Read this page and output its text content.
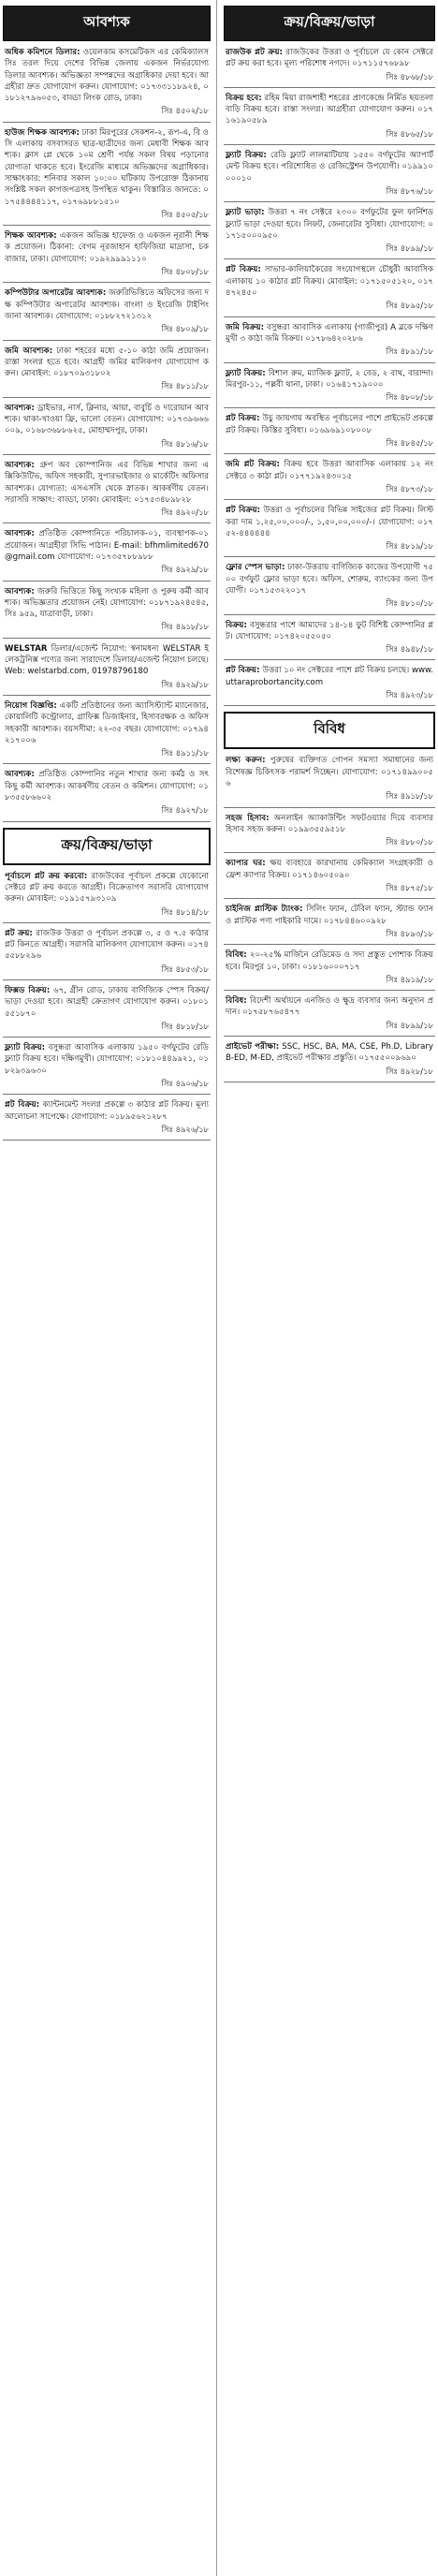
আবশ্যক
অধিক কমিশনে ডিলার: ওয়েলকাম কসমেটিকস এর কেমিক্যালস সিঃ তরল দিয়ে দেশের বিভিন্ন জেলায় একজন নির্ভরযোগ্য ডিলার আবশ্যক। অভিজ্ঞতা সম্পন্নদের অগ্রাধিকার দেয়া হবে। আগ্রহীরা দ্রুত যোগাযোগ করুন। যোগাযোগ: ০১৭৩৩১১৮৯২৪, ০১৮১২৭৯৬০৫৩, বাড্ডা লিংক রোড, ঢাকা।
সিঃ ৪৫০২/১৮
হাউজ শিক্ষক আবশ্যক: ঢাকা মিরপুরের সেকশন-২, রূপ-এ, বি ও সি এলাকায় বসবাসরত ছাত্র-ছাত্রীদের জন্য মেধাবী শিক্ষক আবশ্যক। ক্লাস প্লে থেকে ১০ম শ্রেণী পর্যন্ত সকল বিষয় পড়ানোর যোগ্যতা থাকতে হবে। ইংরেজি মাধ্যমে অভিজ্ঞদের অগ্রাধিকার। সাক্ষাৎকার: শনিবার সকাল ১০:০০ ঘটিকায় উপরোক্ত ঠিকানায় সংশ্লিষ্ট সকল কাগজপত্রসহ উপস্থিত থাকুন। বিস্তারিত জানতে: ০১৭৫৪৪৪৪১১৭, ০১৭৬৯৮৮১৫১০
সিঃ ৪৫০৫/১৮
শিক্ষক আবশ্যক: একজন অভিজ্ঞ হাফেজ ও একজন নূরানী শিক্ষক প্রয়োজন। ঠিকানা: বেগম নূরজাহান হাফিজিয়া মাদ্রাসা, চকবাজার, ঢাকা। যোগাযোগ: ০১৯২৯৯৯১১১০
সিঃ ৪৮০৮/১৮
কম্পিউটার অপারেটর আবশ্যক: জরুরিভিত্তিতে অফিসের জন্য দক্ষ কম্পিউটার অপারেটর আবশ্যক। বাংলা ও ইংরেজি টাইপিং জানা আবশ্যক। যোগাযোগ: ০১৮৮২৭২১৩১২
সিঃ ৪৮০৯/১৮
জমি আবশ্যক: ঢাকা শহরের মধ্যে ৫-১০ কাঠা জমি প্রয়োজন। রাস্তা সংলগ্ন হতে হবে। আগ্রহী জমির মালিকগণ যোগাযোগ করুন। মোবাইল: ০১৮৭০৯৩১৮০২
সিঃ ৪৮১১/১৮
আবশ্যক: ড্রাইভার, নার্স, ক্লিনার, আয়া, বাবুর্চি ও দারোয়ান আবশ্যক। থাকা-খাওয়া ফ্রি, ভালো বেতন। যোগাযোগ: ০১৭৩৯৬৬৬০০৯, ০১৬৮৩৬৮৮৬২৫, মোহাম্মদপুর, ঢাকা।
সিঃ ৪৮১৬/১৮
আবশ্যক: গ্রুপ অব কোম্পানিজ এর বিভিন্ন শাখার জন্য এক্সিকিউটিভ, অফিস সহকারী, সুপারভাইজার ও মার্কেটিং অফিসার আবশ্যক। যোগ্যতা: এসএসসি থেকে স্নাতক। আকর্ষণীয় বেতন। সরাসরি সাক্ষাৎ: বাড্ডা, ঢাকা। মোবাইল: ০১৭৫৩৪৮৯৮২৮
সিঃ ৪৯২০/১৮
আবশ্যক: প্রতিষ্ঠিত কোম্পানিতে পরিচালক-০১, ব্যবস্থাপক-০১ প্রয়োজন। আগ্রহীরা সিভি পাঠান। E-mail: bfhmlimited670@gmail.com যোগাযোগ: ০১৭৩৫৭৮৮৯৮৮
সিঃ ৪৯২৯/১৮
আবশ্যক: জরুরি ভিত্তিতে কিছু সংখ্যক মহিলা ও পুরুষ কর্মী আবশ্যক। অভিজ্ঞতার প্রয়োজন নেই। যোগাযোগ: ০১৮৭১৯২৪৫৪৫, সিঃ ৯৫৯, যাত্রাবাড়ী, ঢাকা।
সিঃ ৪৯১৮/১৮
WELSTAR ডিলার/এজেন্ট নিয়োগ: স্বনামধন্য WELSTAR ইলেকট্রনিক্স পণ্যের জন্য সারাদেশে ডিলার/এজেন্ট নিয়োগ চলছে। Web: welstarbd.com, 01978796180
সিঃ ৪৯২৯/১৮
নিয়োগ বিজ্ঞপ্তি: একটি প্রতিষ্ঠানের জন্য অ্যাসিস্ট্যান্ট ম্যানেজার, কোয়ালিটি কন্ট্রোলার, গ্রাফিক্স ডিজাইনার, হিসাবরক্ষক ও অফিস সহকারী আবশ্যক। বয়সসীমা: ২২-৩৫ বছর। যোগাযোগ: ০১৭৯৪২১৭০০৬
সিঃ ৪৯১১/১৮
আবশ্যক: প্রতিষ্ঠিত কোম্পানির নতুন শাখার জন্য কর্মঠ ও সৎ কিছু কর্মী আবশ্যক। আকর্ষণীয় বেতন ও কমিশন। যোগাযোগ: ০১৮৩৫৫৮৬৬০২
সিঃ ৪৯২৭/১৮
ক্রয়/বিক্রয়/ভাড়া
পূর্বাচলে প্লট ক্রয় করবো: রাজউকের পূর্বাচল প্রকল্পে যেকোনো সেক্টরে প্লট ক্রয় করতে আগ্রহী। বিক্রেতাগণ সরাসরি যোগাযোগ করুন। মোবাইল: ০১৯১৫৭৯৩১০৯
সিঃ ৪৮১৪/১৮
প্লট ক্রয়: রাজউক উত্তরা ও পূর্বাচল প্রকল্পে ৩, ৫ ও ৭.৫ কাঠার প্লট কিনতে আগ্রহী। সরাসরি মালিকগণ যোগাযোগ করুন। ০১৭৪৫৫৮৮২৯৬
সিঃ ৪৮৫৩/১৮
ফিক্সড বিক্রয়: ৬৭, গ্রীন রোড, ঢাকায় বাণিজ্যিক স্পেস বিক্রয়/ভাড়া দেওয়া হবে। আগ্রহী ক্রেতাগণ যোগাযোগ করুন। ০১৮০১৫৫১৮৭০
সিঃ ৪৮১৮/১৮
ফ্ল্যাট বিক্রয়: বসুন্ধরা আবাসিক এলাকায় ১৯৫০ বর্গফুটের রেডি ফ্ল্যাট বিক্রয় হবে। দক্ষিণমুখী। যোগাযোগ: ০১৮১০৪৪৯৯২১, ০১৮২৯৩৯৬৩০
সিঃ ৪৯০৬/১৮
প্লট বিক্রয়: ক্যান্টনমেন্ট সংলগ্ন প্রকল্পে ৩ কাঠার প্লট বিক্রয়। মূল্য আলোচনা সাপেক্ষে। যোগাযোগ: ০১৮৯৫৬২১২৮৭
সিঃ ৪৯২৬/১৮
ক্রয়/বিক্রয়/ভাড়া
রাজউক প্লট ক্রয়: রাজউকের উত্তরা ও পূর্বাচলে যে কোন সেক্টরে প্লট ক্রয় করা হবে। মূল্য পরিশোধ নগদে। ০১৭১১৫৭৬৮৯৮
সিঃ ৪৮৬৮/১৮
বিক্রয় হবে: রহিম মিয়া রাজশাহী শহরের প্রাণকেন্দ্রে নির্মিত ছয়তলা বাড়ি বিক্রয় হবে। রাস্তা সংলগ্ন। আগ্রহীরা যোগাযোগ করুন। ০১৭১৬১৯০৫৮৯
সিঃ ৪৮৬৫/১৮
ফ্ল্যাট বিক্রয়: রেডি ফ্ল্যাট লালমাটিয়ায় ১৫৫০ বর্গফুটের অ্যাপার্টমেন্ট বিক্রয় হবে। পরিশোধিত ও রেজিস্ট্রেশন উপযোগী। ০১৯৯১০০০০১০
সিঃ ৪৮৭৬/১৮
ফ্ল্যাট ভাড়া: উত্তরা ৭ নং সেক্টরে ২৩০০ বর্গফুটের ফুল ফার্নিশড ফ্ল্যাট ভাড়া দেওয়া হবে। লিফট, জেনারেটর সুবিধা। যোগাযোগ: ০১৭১৫০০০৯৫০
সিঃ ৪৮৯৯/১৮
প্লট বিক্রয়: সাভার-কালিয়াকৈরের সংযোগস্থলে চৌধুরী আবাসিক এলাকায় ১০ কাঠার প্লট বিক্রয়। মোবাইল: ০১৭১৫০৫১২০, ০১৭৪৭২৪৫০
সিঃ ৪৮৯৫/১৮
জমি বিক্রয়: বসুন্ধরা আবাসিক এলাকায় (গাজীপুর) A ব্লকে দক্ষিণমুখী ৩ কাঠা জমি বিক্রয়। ০১৭৮৬৪২০২৮৬
সিঃ ৪৮৯১/১৮
ফ্ল্যাট বিক্রয়: বিশাল রুম, ম্যাজিক ফ্ল্যাট, ২ বেড, ২ বাথ, বারান্দা। মিরপুর-১১, পল্লবী থানা, ঢাকা। ০১৬৪১৭১৯০০০
সিঃ ৪৮০৮/১৮
প্লট বিক্রয়: উচু জায়গায় অবস্থিত পূর্বাচলের পাশে প্রাইভেট প্রকল্পে প্লট বিক্রয়। কিস্তির সুবিধা। ০১৬৯৬৯১০৮০০৮
সিঃ ৪৮৪৫/১৮
জমি প্লট বিক্রয়: বিক্রয় হবে উত্তরা আবাসিক এলাকায় ১২ নং সেক্টরে ৩ কাঠা প্লট। ০১৭৭১৯২৪৩০১৫
সিঃ ৪৮৭৩/১৮
প্লট বিক্রয়: উত্তরা ও পূর্বাচলের বিভিন্ন সাইজের প্লট বিক্রয়। লিস্ট করা দাম ১,২৫,০০,০০০/-, ১,৫০,০০,০০০/-। যোগাযোগ: ০১৭৫২-৪৪৪৪৪৪
সিঃ ৪৮১৯/১৮
ফ্লোর স্পেস ভাড়া: ঢাকা-উত্তরায় বাণিজ্যিক কাজের উপযোগী ৭৫০০ বর্গফুট ফ্লোর ভাড়া হবে। অফিস, শোরুম, ব্যাংকের জন্য উপযোগী। ০১৭১৫৩২২০১৭
সিঃ ৪৮১০/১৮
বিক্রয়: বসুন্ধরার পাশে আমাদের ১৪-১৪ ফুট বিশিষ্ট কোম্পানির প্লট। যোগাযোগ: ০১৭৪২০৫৫০৫০
সিঃ ৪৯৪৮/১৮
প্লট বিক্রয়: উত্তরা ১০ নং সেক্টরের পাশে প্লট বিক্রয় চলছে। www.uttaraprobortancity.com
সিঃ ৪৯২৩/১৮
বিবিধ
লক্ষ্য করুন: পুরুষের ব্যক্তিগত গোপন সমস্যা সমাধানের জন্য বিশেষজ্ঞ চিকিৎসক পরামর্শ দিচ্ছেন। যোগাযোগ: ০১৭১৪৯৯০০৫৬
সিঃ ৪৯১৮/১৮
সহজ হিসাব: অনলাইন অ্যাকাউন্টিং সফটওয়্যার দিয়ে ব্যবসার হিসাব সহজ করুন। ০১৯৯৩৫৫৯৫১৮
সিঃ ৪৮৮০/১৮
ক্যাপার ঘর: ক্ষয় ব্যবহারে কারখানায় কেমিক্যাল সংগ্রহকারী ও ফ্রেশ ক্যাপার বিক্রয়। ০১৭১৪৬০৫০৯০
সিঃ ৪৮৭৫/১৮
চাইনিজ প্লাস্টিক ট্যাংক: সিলিং ফ্যান, টেবিল ফ্যান, স্ট্যান্ড ফ্যান ও প্লাস্টিক পণ্য পাইকারি দামে। ০১৭৮৪৪৬০০৯২৮
সিঃ ৪৮৯৩/১৮
বিবিধ: ২০-২৫% মার্জিনে রেডিমেড ও সদ্য প্রস্তুত পোশাক বিক্রয় হবে। মিরপুর ১০, ঢাকা। ০১৮১৬০০০৭১৭
সিঃ ৪৯১৯/১৮
বিবিধ: বিদেশী অর্থায়নে এনজিও ও ক্ষুদ্র ব্যবসার জন্য অনুদান প্রদান। ০১৭৫৮৭৬৫৪৭৭
সিঃ ৪৮৯৯/১৮
প্রাইভেট পরীক্ষা: SSC, HSC, BA, MA, CSE, Ph.D, Library B-ED, M-ED, প্রাইভেট পরীক্ষার প্রস্তুতি। ০১৭৫৫০০৯৬৯০
সিঃ ৪৯২৮/১৮
